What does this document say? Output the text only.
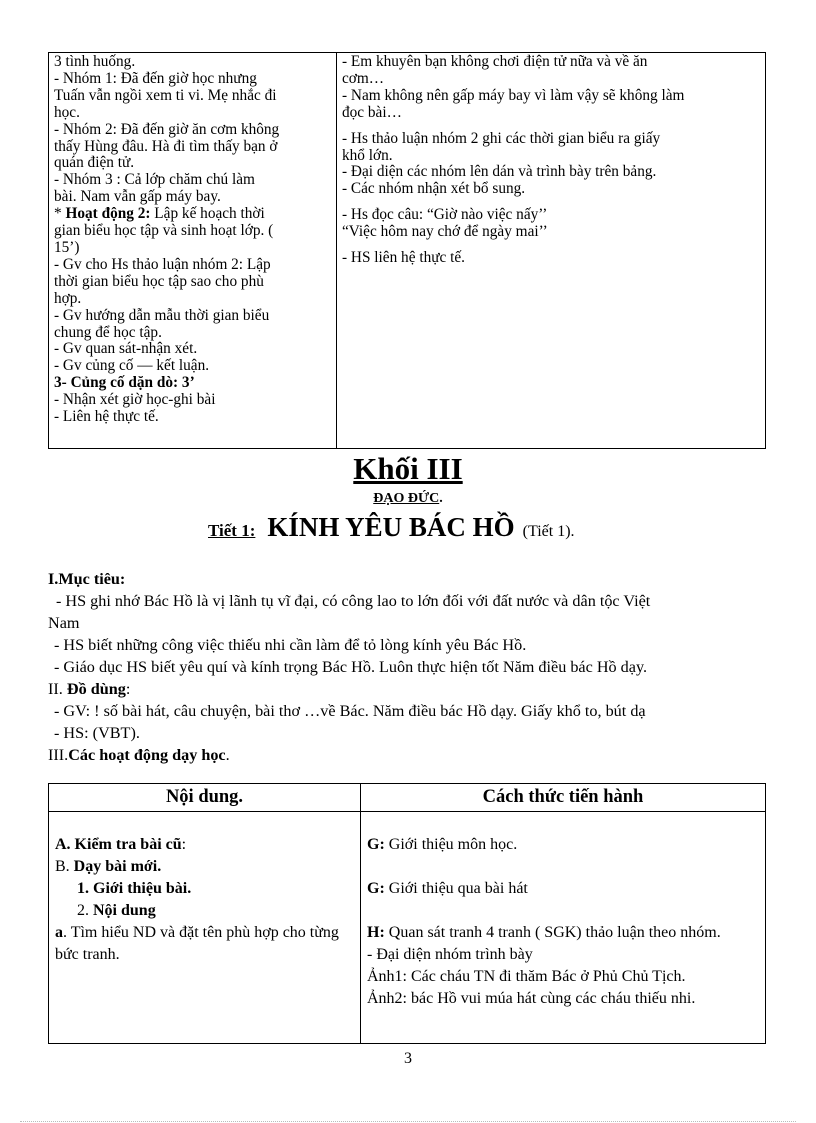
3 tình huống.
- Nhóm 1: Đã đến giờ học nhưng
Tuấn vẫn ngồi xem ti vi. Mẹ nhắc đi
học.
- Nhóm 2: Đã đến giờ ăn cơm không
thấy Hùng đâu. Hà đi tìm thấy bạn ở
quán điện tử.
- Nhóm 3 : Cả lớp chăm chú làm
bài. Nam vẫn gấp máy bay.
* Hoạt động 2: Lập kế hoạch thời
gian biểu học tập và sinh hoạt lớp. (
15’)
- Gv cho Hs thảo luận nhóm 2: Lập
thời gian biểu học tập sao cho phù
hợp.
- Gv hướng dẫn mẫu thời gian biểu
chung để học tập.
- Gv quan sát-nhận xét.
- Gv củng cố — kết luận.
3- Củng cố dặn dò: 3’
- Nhận xét giờ học-ghi bài
- Liên hệ thực tế.
- Em khuyên bạn không chơi điện tử nữa và về ăn
cơm…
- Nam không nên gấp máy bay vì làm vậy sẽ không làm
đọc bài…
- Hs thảo luận nhóm 2 ghi các thời gian biểu ra giấy
khổ lớn.
- Đại diện các nhóm lên dán và trình bày trên bảng.
- Các nhóm nhận xét bổ sung.
- Hs đọc câu: “Giờ nào việc nấy’’
“Việc hôm nay chớ để ngày mai’’
- HS liên hệ thực tế.
Khối III
ĐẠO ĐỨC.
Tiết 1: KÍNH YÊU BÁC HỒ (Tiết 1).

I.Mục tiêu:

- HS ghi nhớ Bác Hồ là vị lãnh tụ vĩ đại, có công lao to lớn đối với đất nước và dân tộc Việt

Nam

- HS biết những công việc thiếu nhi cần làm để tỏ lòng kính yêu Bác Hồ.

- Giáo dục HS biết yêu quí và kính trọng Bác Hồ. Luôn thực hiện tốt Năm điều bác Hồ dạy.

II. Đồ dùng:

- GV: ! số bài hát, câu chuyện, bài thơ …về Bác. Năm điều bác Hồ dạy. Giấy khổ to, bút dạ

- HS: (VBT).

III.Các hoạt động dạy học.

Nội dung.	Cách thức tiến hành
A. Kiểm tra bài cũ:
B. Dạy bài mới.
1. Giới thiệu bài.
2. Nội dung
a. Tìm hiểu ND và đặt tên phù hợp cho từng bức tranh.
G: Giới thiệu môn học.
G: Giới thiệu qua bài hát
H: Quan sát tranh 4 tranh ( SGK) thảo luận theo nhóm.
- Đại diện nhóm trình bày
Ảnh1: Các cháu TN đi thăm Bác ở Phủ Chủ Tịch.
Ảnh2: bác Hồ vui múa hát cùng các cháu thiếu nhi.
3
